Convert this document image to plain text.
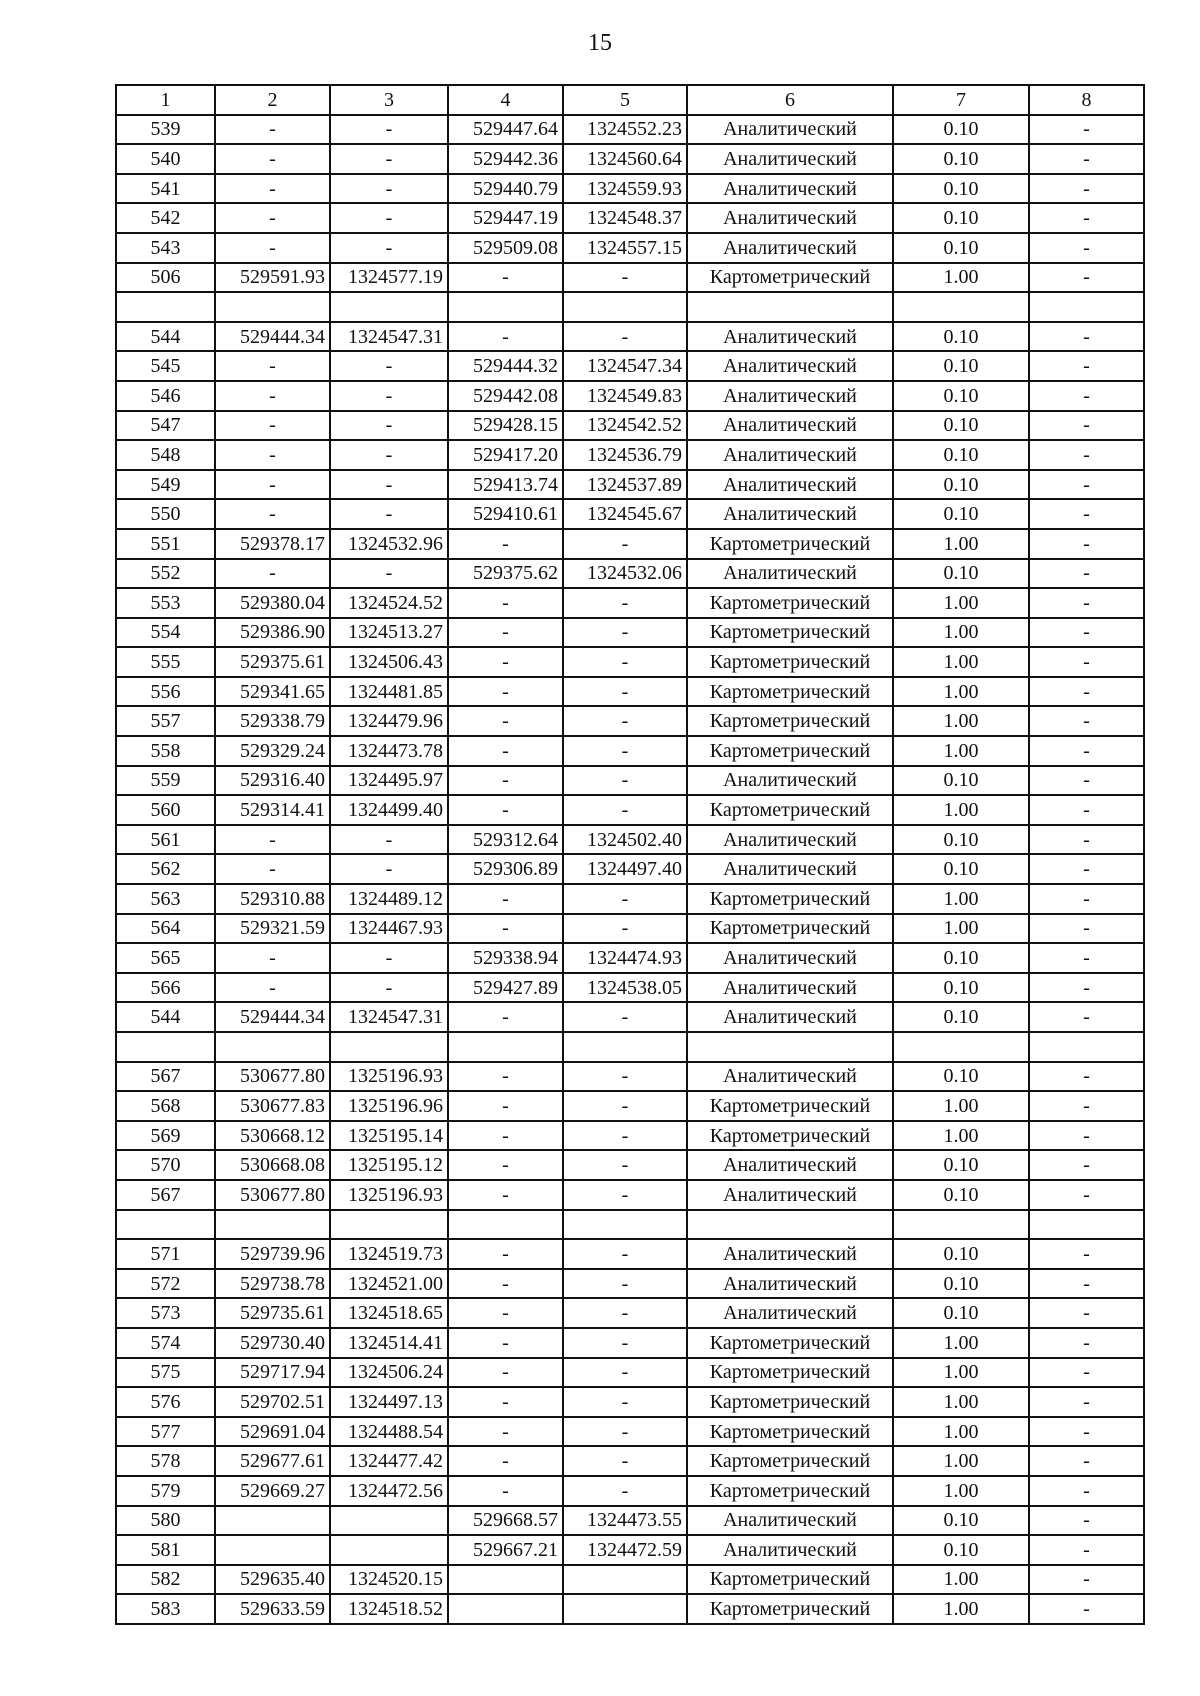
15
1	2	3	4	5	6	7	8
539	-	-	529447.64	1324552.23	Аналитический	0.10	-
540	-	-	529442.36	1324560.64	Аналитический	0.10	-
541	-	-	529440.79	1324559.93	Аналитический	0.10	-
542	-	-	529447.19	1324548.37	Аналитический	0.10	-
543	-	-	529509.08	1324557.15	Аналитический	0.10	-
506	529591.93	1324577.19	-	-	Картометрический	1.00	-

544	529444.34	1324547.31	-	-	Аналитический	0.10	-
545	-	-	529444.32	1324547.34	Аналитический	0.10	-
546	-	-	529442.08	1324549.83	Аналитический	0.10	-
547	-	-	529428.15	1324542.52	Аналитический	0.10	-
548	-	-	529417.20	1324536.79	Аналитический	0.10	-
549	-	-	529413.74	1324537.89	Аналитический	0.10	-
550	-	-	529410.61	1324545.67	Аналитический	0.10	-
551	529378.17	1324532.96	-	-	Картометрический	1.00	-
552	-	-	529375.62	1324532.06	Аналитический	0.10	-
553	529380.04	1324524.52	-	-	Картометрический	1.00	-
554	529386.90	1324513.27	-	-	Картометрический	1.00	-
555	529375.61	1324506.43	-	-	Картометрический	1.00	-
556	529341.65	1324481.85	-	-	Картометрический	1.00	-
557	529338.79	1324479.96	-	-	Картометрический	1.00	-
558	529329.24	1324473.78	-	-	Картометрический	1.00	-
559	529316.40	1324495.97	-	-	Аналитический	0.10	-
560	529314.41	1324499.40	-	-	Картометрический	1.00	-
561	-	-	529312.64	1324502.40	Аналитический	0.10	-
562	-	-	529306.89	1324497.40	Аналитический	0.10	-
563	529310.88	1324489.12	-	-	Картометрический	1.00	-
564	529321.59	1324467.93	-	-	Картометрический	1.00	-
565	-	-	529338.94	1324474.93	Аналитический	0.10	-
566	-	-	529427.89	1324538.05	Аналитический	0.10	-
544	529444.34	1324547.31	-	-	Аналитический	0.10	-

567	530677.80	1325196.93	-	-	Аналитический	0.10	-
568	530677.83	1325196.96	-	-	Картометрический	1.00	-
569	530668.12	1325195.14	-	-	Картометрический	1.00	-
570	530668.08	1325195.12	-	-	Аналитический	0.10	-
567	530677.80	1325196.93	-	-	Аналитический	0.10	-

571	529739.96	1324519.73	-	-	Аналитический	0.10	-
572	529738.78	1324521.00	-	-	Аналитический	0.10	-
573	529735.61	1324518.65	-	-	Аналитический	0.10	-
574	529730.40	1324514.41	-	-	Картометрический	1.00	-
575	529717.94	1324506.24	-	-	Картометрический	1.00	-
576	529702.51	1324497.13	-	-	Картометрический	1.00	-
577	529691.04	1324488.54	-	-	Картометрический	1.00	-
578	529677.61	1324477.42	-	-	Картометрический	1.00	-
579	529669.27	1324472.56	-	-	Картометрический	1.00	-
580			529668.57	1324473.55	Аналитический	0.10	-
581			529667.21	1324472.59	Аналитический	0.10	-
582	529635.40	1324520.15			Картометрический	1.00	-
583	529633.59	1324518.52			Картометрический	1.00	-
